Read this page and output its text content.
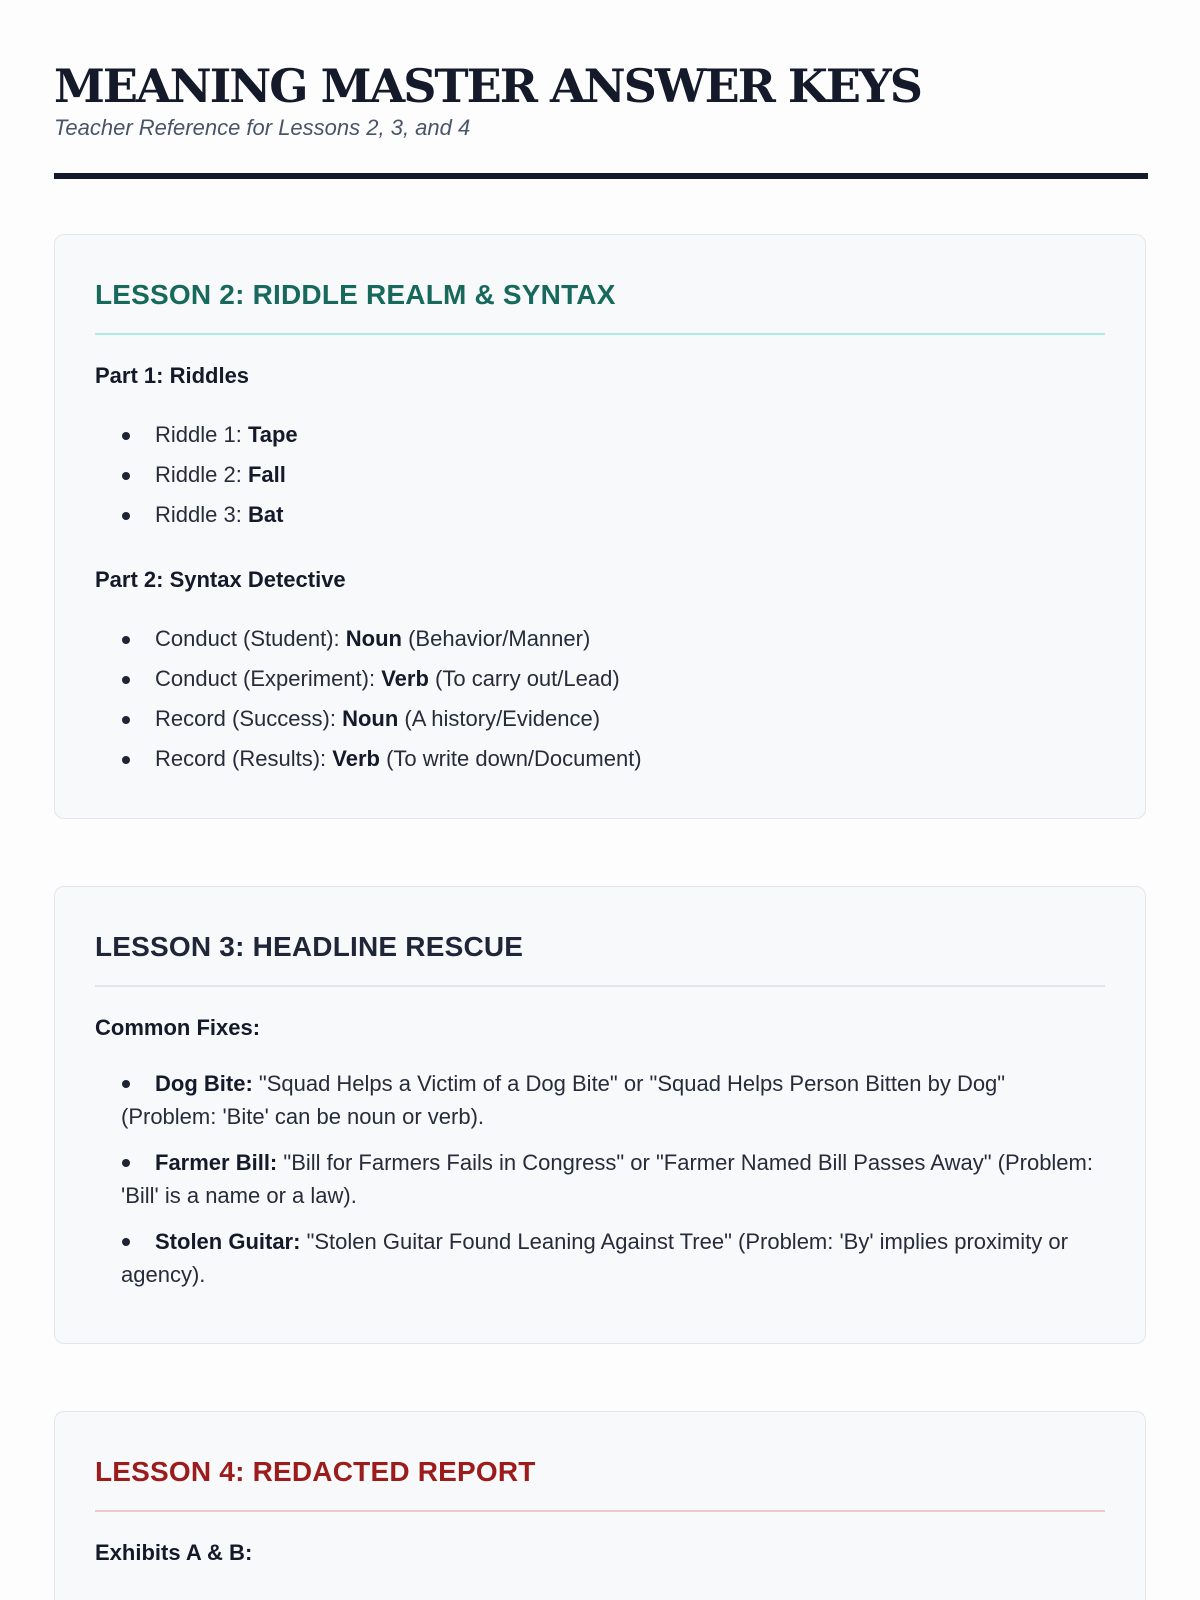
MEANING MASTER ANSWER KEYS

Teacher Reference for Lessons 2, 3, and 4

LESSON 2: RIDDLE REALM & SYNTAX
Part 1: Riddles
Riddle 1: Tape
Riddle 2: Fall
Riddle 3: Bat
Part 2: Syntax Detective
Conduct (Student): Noun (Behavior/Manner)
Conduct (Experiment): Verb (To carry out/Lead)
Record (Success): Noun (A history/Evidence)
Record (Results): Verb (To write down/Document)
LESSON 3: HEADLINE RESCUE
Common Fixes:
Dog Bite: "Squad Helps a Victim of a Dog Bite" or "Squad Helps Person Bitten by Dog" (Problem: 'Bite' can be noun or verb).
Farmer Bill: "Bill for Farmers Fails in Congress" or "Farmer Named Bill Passes Away" (Problem: 'Bill' is a name or a law).
Stolen Guitar: "Stolen Guitar Found Leaning Against Tree" (Problem: 'By' implies proximity or agency).
LESSON 4: REDACTED REPORT
Exhibits A & B:
